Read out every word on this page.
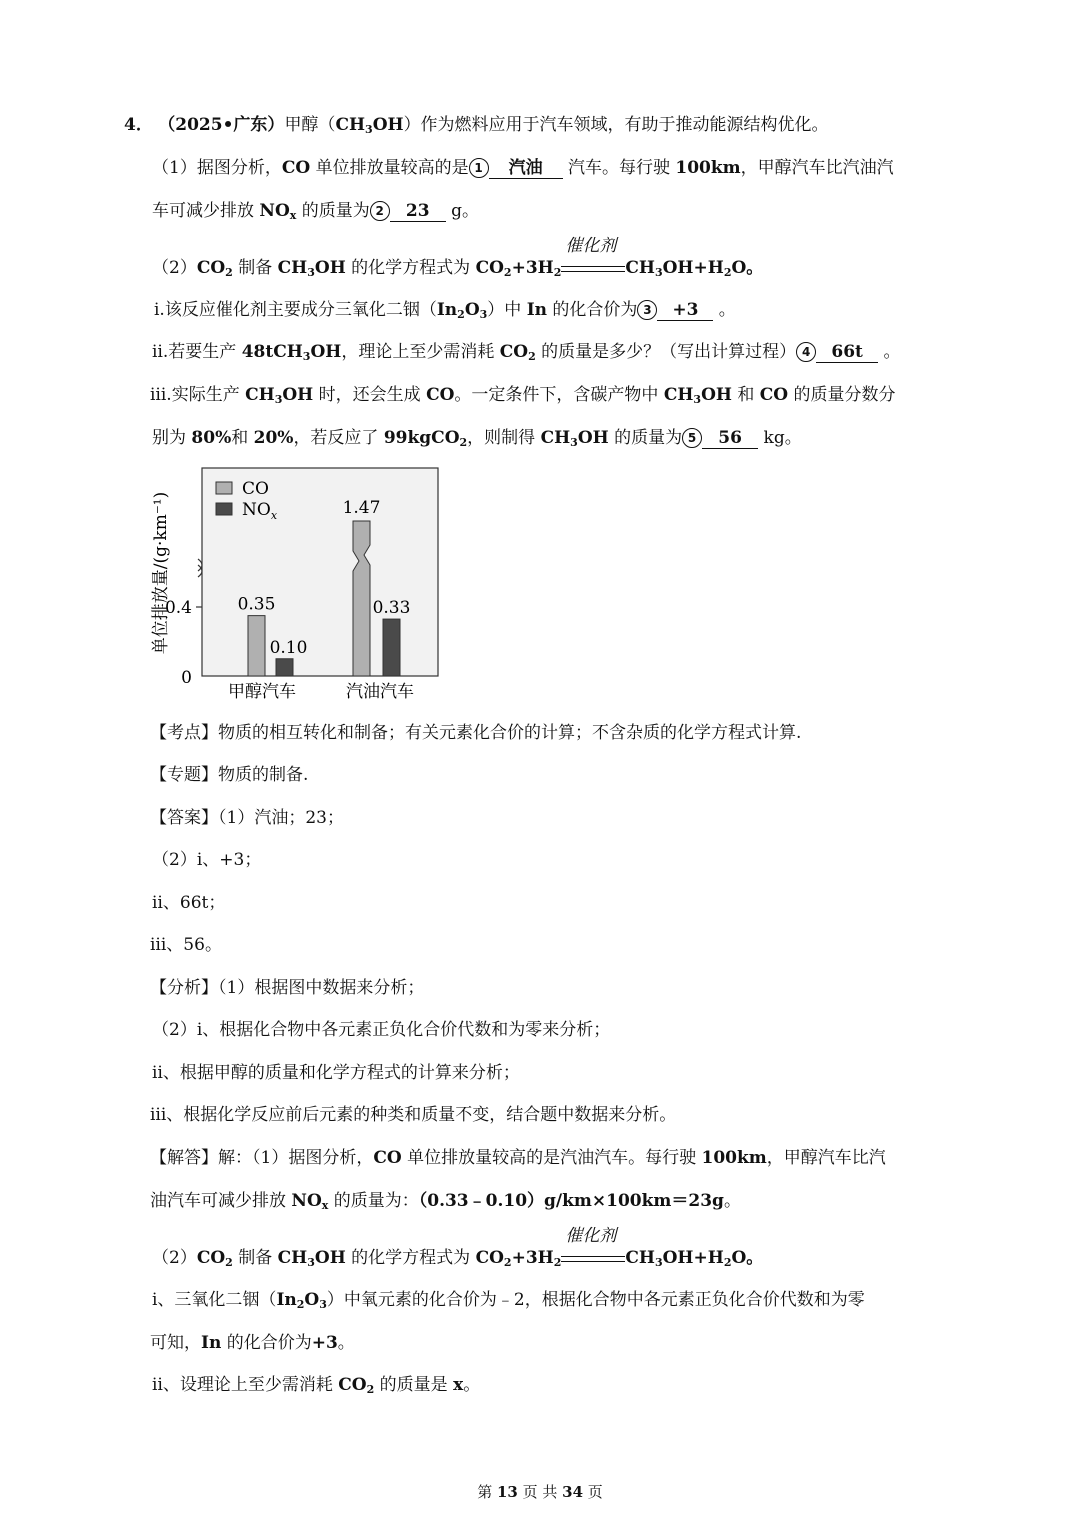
4． （2025•广东）甲醇$(CH_3OH)$作为燃料应用于汽车领域，有助于推动能源结构优化。
（1）据图分析，CO 单位排放量较高的是 1 汽油 汽车。每行驶 100km，甲醇汽车比汽油汽
车可减少排放 $NO_x$ 的质量为 2 23 g。
$(2)CO_2$ 制备 $CH_3OH$ 的化学方程式为 $CO_2+3H_2$
催化剂
$CH_3OH+H_2O$。
ⅰ.该反应催化剂主要成分三氧化二铟$(In_2O_3)$中 In 的化合价为 3 +3 。
ⅱ.若要生产 48tCH$_3$OH，理论上至少需消耗 $CO_2$ 的质量是多少？（写出计算过程） 4 66t 。
ⅲ.实际生产 $CH_3OH$ 时，还会生成 CO。一定条件下，含碳产物中 $CH_3OH$ 和 CO 的质量分数分
别为 80%和 20%，若反应了 99kgCO$_2$，则制得 $CH_3OH$ 的质量为 5 56 kg。
0.4
0
单位排放量/(g·km⁻¹)
CO
$NO_x$
0.35
0.10
1.47
0.33
甲醇汽车	汽油汽车
【考点】物质的相互转化和制备；有关元素化合价的计算；不含杂质的化学方程式计算.
【专题】物质的制备.
【答案】（1）汽油；23；
（2）ⅰ、+3；
ⅱ、66t；
ⅲ、56。
【分析】（1）根据图中数据来分析；
（2）ⅰ、根据化合物中各元素正负化合价代数和为零来分析；
ⅱ、根据甲醇的质量和化学方程式的计算来分析；
ⅲ、根据化学反应前后元素的种类和质量不变，结合题中数据来分析。
【解答】解：（1）据图分析，CO 单位排放量较高的是汽油汽车。每行驶 100km，甲醇汽车比汽
油汽车可减少排放 $NO_x$ 的质量为：（0.33﹣0.10）g/km×100km＝23g。
$(2)CO_2$ 制备 $CH_3OH$ 的化学方程式为 $CO_2+3H_2$
催化剂
$CH_3OH+H_2O$。
ⅰ、三氧化二铟$(In_2O_3)$中氧元素的化合价为﹣2，根据化合物中各元素正负化合价代数和为零
可知，In 的化合价为+3。
ⅱ、设理论上至少需消耗 $CO_2$ 的质量是 x。
第 13 页 共 34 页
